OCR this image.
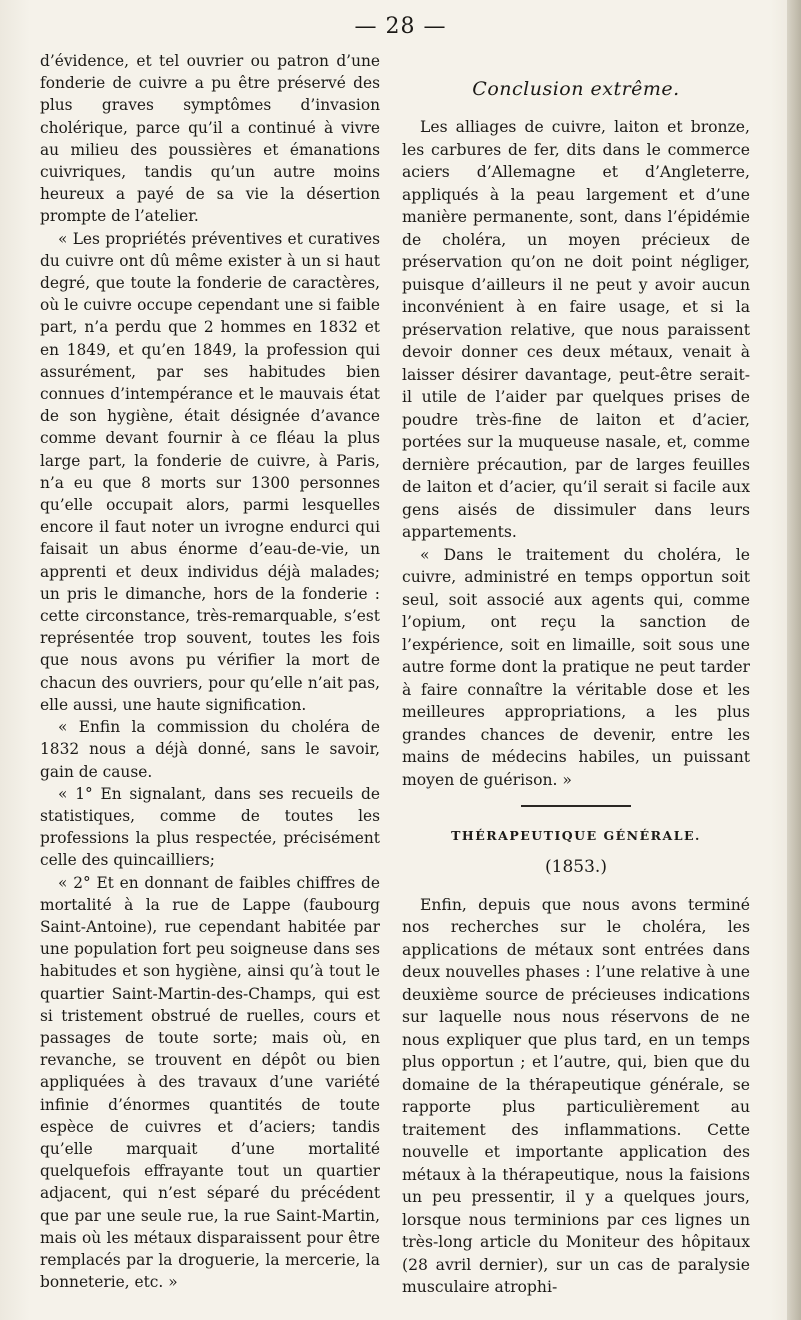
— 28 —

d’évidence, et tel ouvrier ou patron d’une fonderie de cuivre a pu être préservé des plus graves symptômes d’invasion cholérique, parce qu’il a continué à vivre au milieu des poussières et émanations cuivriques, tandis qu’un autre moins heureux a payé de sa vie la désertion prompte de l’atelier.

« Les propriétés préventives et curatives du cuivre ont dû même exister à un si haut degré, que toute la fonderie de caractères, où le cuivre occupe cependant une si faible part, n’a perdu que 2 hommes en 1832 et en 1849, et qu’en 1849, la profession qui assurément, par ses habitudes bien connues d’intempérance et le mauvais état de son hygiène, était désignée d’avance comme devant fournir à ce fléau la plus large part, la fonderie de cuivre, à Paris, n’a eu que 8 morts sur 1300 personnes qu’elle occupait alors, parmi lesquelles encore il faut noter un ivrogne endurci qui faisait un abus énorme d’eau-de-vie, un apprenti et deux individus déjà malades; un pris le dimanche, hors de la fonderie : cette circonstance, très-remarquable, s’est représentée trop souvent, toutes les fois que nous avons pu vérifier la mort de chacun des ouvriers, pour qu’elle n’ait pas, elle aussi, une haute signification.

« Enfin la commission du choléra de 1832 nous a déjà donné, sans le savoir, gain de cause.

« 1° En signalant, dans ses recueils de statistiques, comme de toutes les professions la plus respectée, précisément celle des quincailliers;

« 2° Et en donnant de faibles chiffres de mortalité à la rue de Lappe (faubourg Saint-Antoine), rue cependant habitée par une population fort peu soigneuse dans ses habitudes et son hygiène, ainsi qu’à tout le quartier Saint-Martin-des-Champs, qui est si tristement obstrué de ruelles, cours et passages de toute sorte; mais où, en revanche, se trouvent en dépôt ou bien appliquées à des travaux d’une variété infinie d’énormes quantités de toute espèce de cuivres et d’aciers; tandis qu’elle marquait d’une mortalité quelquefois effrayante tout un quartier adjacent, qui n’est séparé du précédent que par une seule rue, la rue Saint-Martin, mais où les métaux disparaissent pour être remplacés par la droguerie, la mercerie, la bonneterie, etc. »

Conclusion extrême.

Les alliages de cuivre, laiton et bronze, les carbures de fer, dits dans le commerce aciers d’Allemagne et d’Angleterre, appliqués à la peau largement et d’une manière permanente, sont, dans l’épidémie de choléra, un moyen précieux de préservation qu’on ne doit point négliger, puisque d’ailleurs il ne peut y avoir aucun inconvénient à en faire usage, et si la préservation relative, que nous paraissent devoir donner ces deux métaux, venait à laisser désirer davantage, peut-être serait-il utile de l’aider par quelques prises de poudre très-fine de laiton et d’acier, portées sur la muqueuse nasale, et, comme dernière précaution, par de larges feuilles de laiton et d’acier, qu’il serait si facile aux gens aisés de dissimuler dans leurs appartements.

« Dans le traitement du choléra, le cuivre, administré en temps opportun soit seul, soit associé aux agents qui, comme l’opium, ont reçu la sanction de l’expérience, soit en limaille, soit sous une autre forme dont la pratique ne peut tarder à faire connaître la véritable dose et les meilleures appropriations, a les plus grandes chances de devenir, entre les mains de médecins habiles, un puissant moyen de guérison. »

THÉRAPEUTIQUE GÉNÉRALE.
(1853.)

Enfin, depuis que nous avons terminé nos recherches sur le choléra, les applications de métaux sont entrées dans deux nouvelles phases : l’une relative à une deuxième source de précieuses indications sur laquelle nous nous réservons de ne nous expliquer que plus tard, en un temps plus opportun ; et l’autre, qui, bien que du domaine de la thérapeutique générale, se rapporte plus particulièrement au traitement des inflammations. Cette nouvelle et importante application des métaux à la thérapeutique, nous la faisions un peu pressentir, il y a quelques jours, lorsque nous terminions par ces lignes un très-long article du Moniteur des hôpitaux (28 avril dernier), sur un cas de paralysie musculaire atrophi-
